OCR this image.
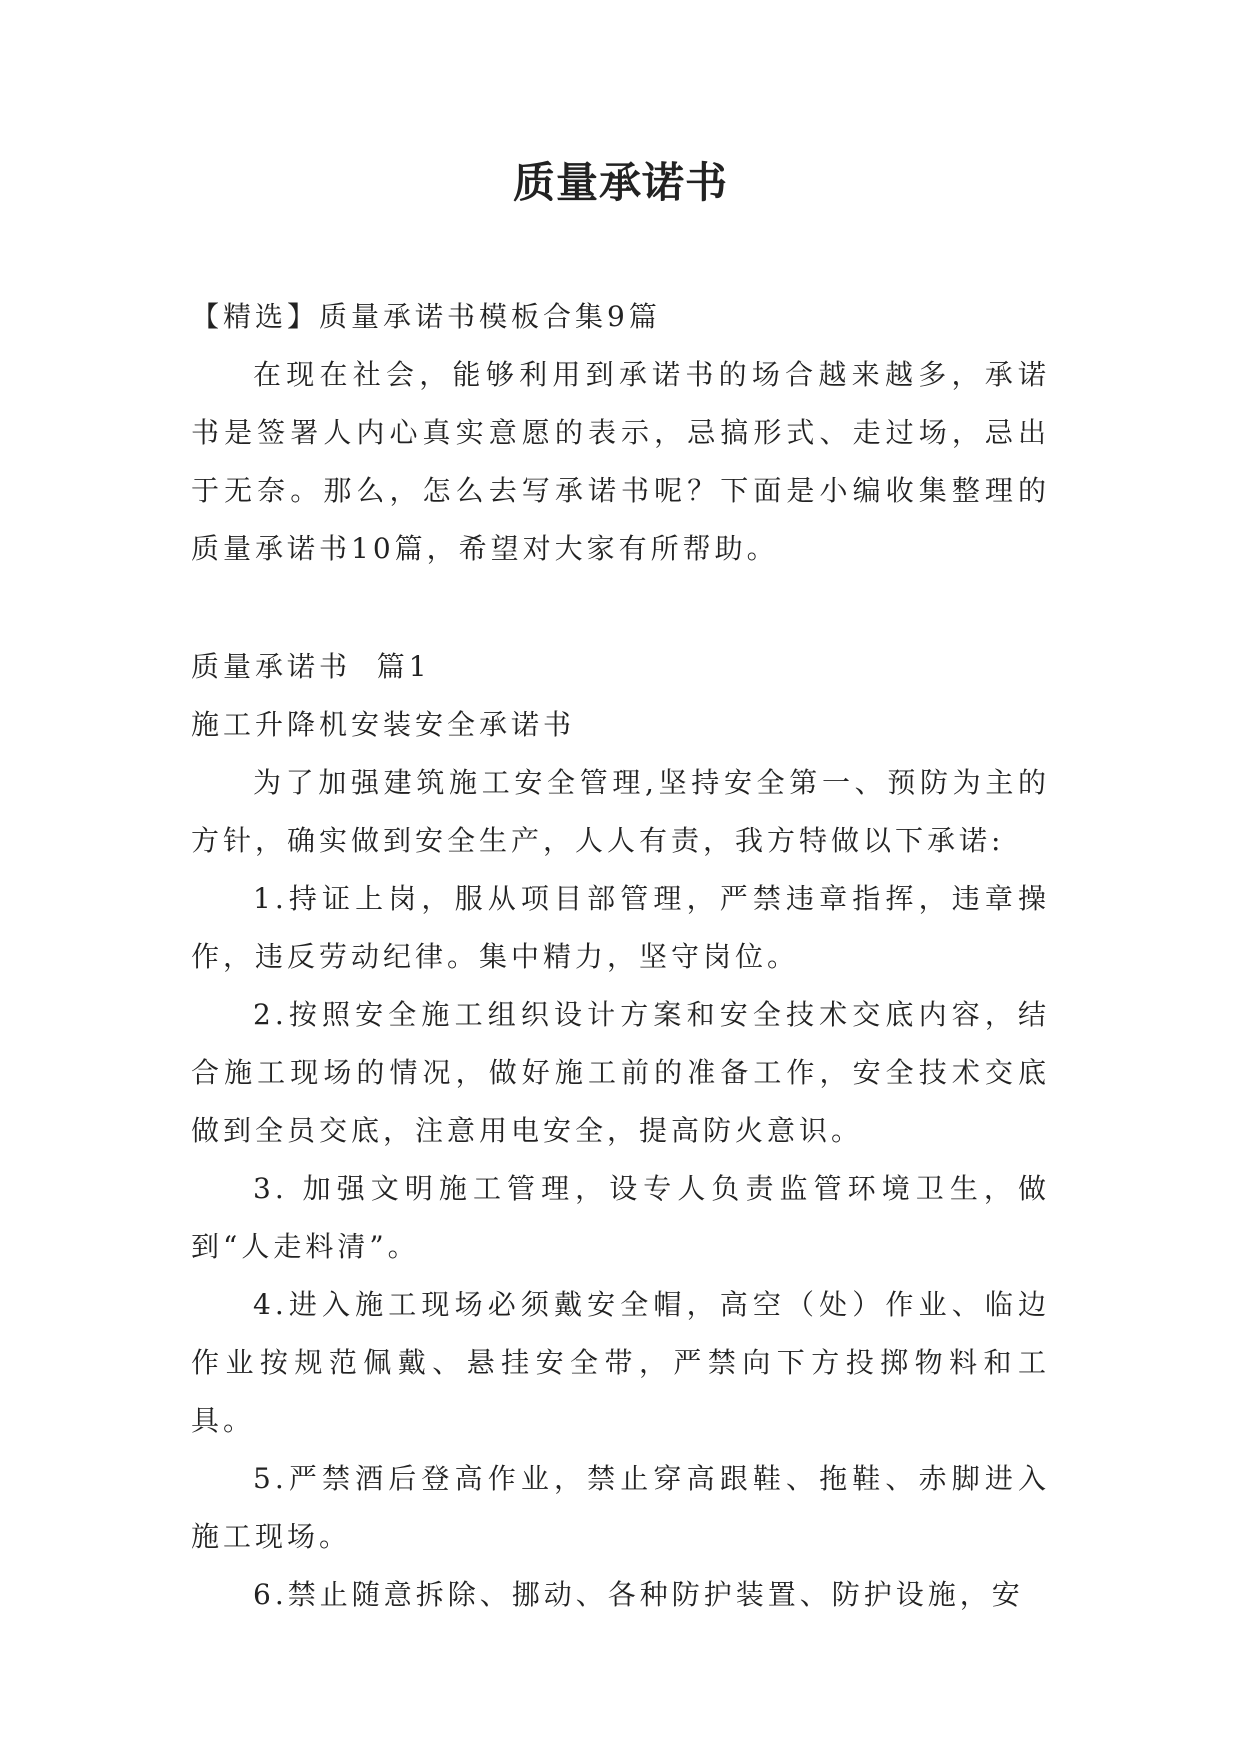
质量承诺书

【精选】质量承诺书模板合集9篇

在现在社会，能够利用到承诺书的场合越来越多，承诺书是签署人内心真实意愿的表示，忌搞形式、走过场，忌出于无奈。那么，怎么去写承诺书呢？下面是小编收集整理的质量承诺书10篇，希望对大家有所帮助。

质量承诺书  篇1

施工升降机安装安全承诺书

为了加强建筑施工安全管理,坚持安全第一、预防为主的方针，确实做到安全生产，人人有责，我方特做以下承诺:

1.持证上岗，服从项目部管理，严禁违章指挥，违章操作，违反劳动纪律。集中精力，坚守岗位。

2.按照安全施工组织设计方案和安全技术交底内容，结合施工现场的情况，做好施工前的准备工作，安全技术交底做到全员交底，注意用电安全，提高防火意识。

3. 加强文明施工管理，设专人负责监管环境卫生，做到“人走料清”。

4.进入施工现场必须戴安全帽，高空（处）作业、临边作业按规范佩戴、悬挂安全带，严禁向下方投掷物料和工具。

5.严禁酒后登高作业，禁止穿高跟鞋、拖鞋、赤脚进入施工现场。

6.禁止随意拆除、挪动、各种防护装置、防护设施，安
